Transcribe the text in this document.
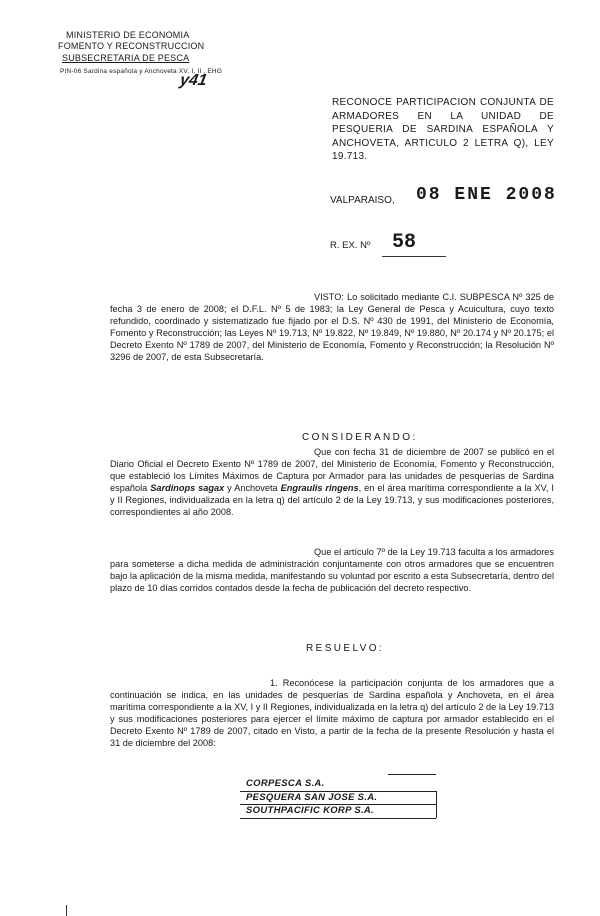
MINISTERIO DE ECONOMIA
FOMENTO Y RECONSTRUCCION
SUBSECRETARIA DE PESCA
PIN-06 Sardina española y Anchoveta XV, I, II , EHG
y41
RECONOCE PARTICIPACION CONJUNTA DE ARMADORES EN LA UNIDAD DE PESQUERIA DE SARDINA ESPAÑOLA Y ANCHOVETA, ARTICULO 2 LETRA Q), LEY 19.713.
VALPARAISO, 08 ENE 2008
R. EX. Nº 58
VISTO: Lo solicitado mediante C.I. SUBPESCA Nº 325 de fecha 3 de enero de 2008; el D.F.L. Nº 5 de 1983; la Ley General de Pesca y Acuicultura, cuyo texto refundido, coordinado y sistematizado fue fijado por el D.S. Nº 430 de 1991, del Ministerio de Economía, Fomento y Reconstrucción; las Leyes Nº 19.713, Nº 19.822, Nº 19.849, Nº 19.880, Nº 20.174 y Nº 20.175; el Decreto Exento Nº 1789 de 2007, del Ministerio de Economía, Fomento y Reconstrucción; la Resolución Nº 3296 de 2007, de esta Subsecretaría.
CONSIDERANDO:
Que con fecha 31 de diciembre de 2007 se publicó en el Diario Oficial el Decreto Exento Nº 1789 de 2007, del Ministerio de Economía, Fomento y Reconstrucción, que estableció los Límites Máximos de Captura por Armador para las unidades de pesquerías de Sardina española Sardinops sagax y Anchoveta Engraulis ringens, en el área marítima correspondiente a la XV, I y II Regiones, individualizada en la letra q) del artículo 2 de la Ley 19.713, y sus modificaciones posteriores, correspondientes al año 2008.
Que el artículo 7º de la Ley 19.713 faculta a los armadores para someterse a dicha medida de administración conjuntamente con otros armadores que se encuentren bajo la aplicación de la misma medida, manifestando su voluntad por escrito a esta Subsecretaría, dentro del plazo de 10 días corridos contados desde la fecha de publicación del decreto respectivo.
RESUELVO:
1. Reconócese la participación conjunta de los armadores que a continuación se indica, en las unidades de pesquerías de Sardina española y Anchoveta, en el área marítima correspondiente a la XV, I y II Regiones, individualizada en la letra q) del artículo 2 de la Ley 19.713 y sus modificaciones posteriores para ejercer el límite máximo de captura por armador establecido en el Decreto Exento Nº 1789 de 2007, citado en Visto, a partir de la fecha de la presente Resolución y hasta el 31 de diciembre del 2008:
CORPESCA S.A.
PESQUERA SAN JOSE S.A.
SOUTHPACIFIC KORP S.A.
